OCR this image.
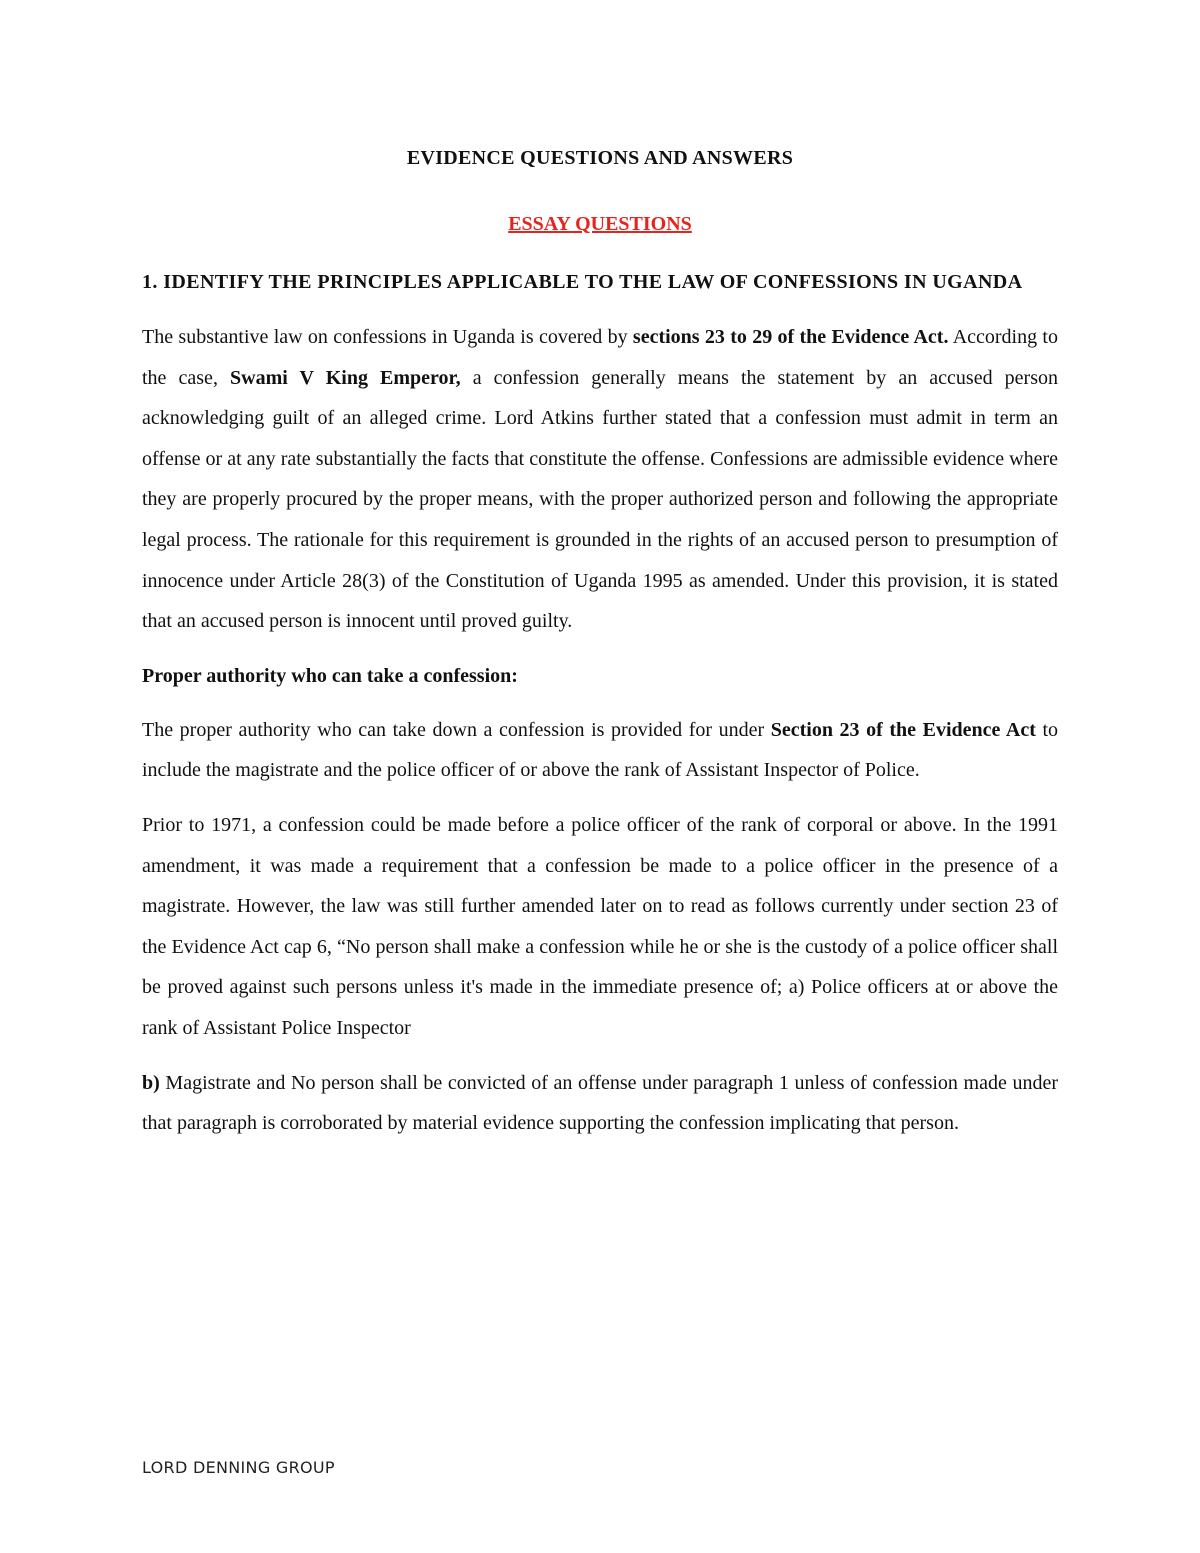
EVIDENCE QUESTIONS AND ANSWERS
ESSAY QUESTIONS
1. IDENTIFY THE PRINCIPLES APPLICABLE TO THE LAW OF CONFESSIONS IN UGANDA

The substantive law on confessions in Uganda is covered by sections 23 to 29 of the Evidence Act. According to the case, Swami V King Emperor, a confession generally means the statement by an accused person acknowledging guilt of an alleged crime. Lord Atkins further stated that a confession must admit in term an offense or at any rate substantially the facts that constitute the offense. Confessions are admissible evidence where they are properly procured by the proper means, with the proper authorized person and following the appropriate legal process. The rationale for this requirement is grounded in the rights of an accused person to presumption of innocence under Article 28(3) of the Constitution of Uganda 1995 as amended. Under this provision, it is stated that an accused person is innocent until proved guilty.

Proper authority who can take a confession:

The proper authority who can take down a confession is provided for under Section 23 of the Evidence Act to include the magistrate and the police officer of or above the rank of Assistant Inspector of Police.

Prior to 1971, a confession could be made before a police officer of the rank of corporal or above. In the 1991 amendment, it was made a requirement that a confession be made to a police officer in the presence of a magistrate. However, the law was still further amended later on to read as follows currently under section 23 of the Evidence Act cap 6, “No person shall make a confession while he or she is the custody of a police officer shall be proved against such persons unless it's made in the immediate presence of; a) Police officers at or above the rank of Assistant Police Inspector

b) Magistrate and No person shall be convicted of an offense under paragraph 1 unless of confession made under that paragraph is corroborated by material evidence supporting the confession implicating that person.

LORD DENNING GROUP
